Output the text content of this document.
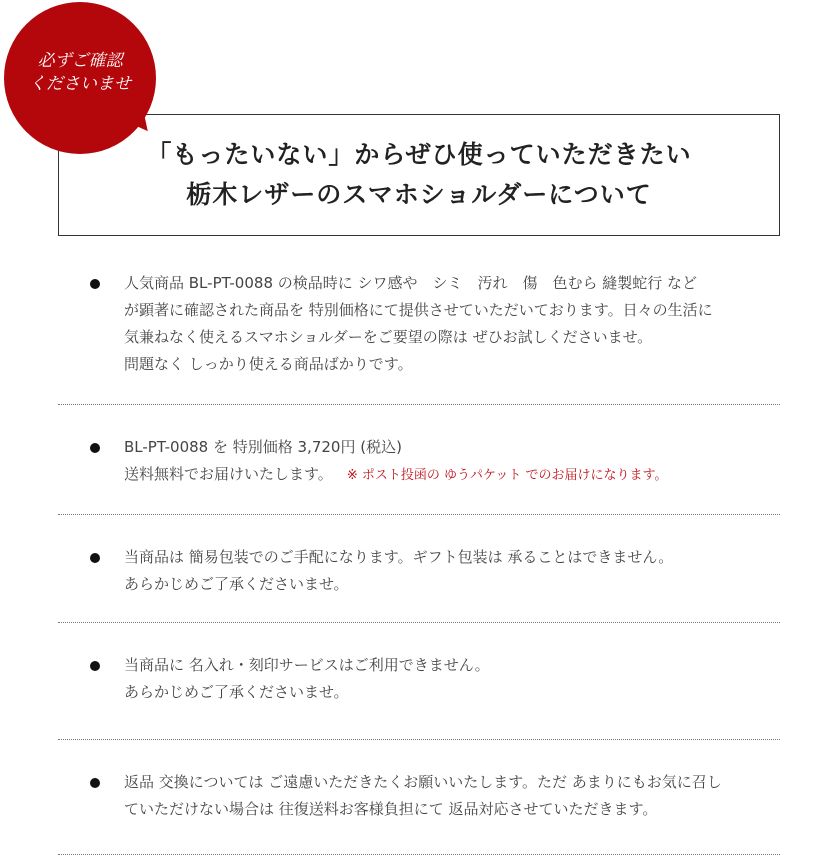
必ずご確認
くださいませ
「もったいない」からぜひ使っていただきたい
栃木レザーのスマホショルダーについて
人気商品 BL-PT-0088 の検品時に シワ感や　シミ　汚れ　傷　色むら 縫製蛇行 など
が顕著に確認された商品を 特別価格にて提供させていただいております。日々の生活に
気兼ねなく使えるスマホショルダーをご要望の際は ぜひお試しくださいませ。
問題なく しっかり使える商品ばかりです。
BL-PT-0088 を 特別価格 3,720円 (税込)
送料無料でお届けいたします。 ※ ポスト投函の ゆうパケット でのお届けになります。
当商品は 簡易包装でのご手配になります。ギフト包装は 承ることはできません。
あらかじめご了承くださいませ。
当商品に 名入れ・刻印サービスはご利用できません。
あらかじめご了承くださいませ。
返品 交換については ご遠慮いただきたくお願いいたします。ただ あまりにもお気に召し
ていただけない場合は 往復送料お客様負担にて 返品対応させていただきます。
